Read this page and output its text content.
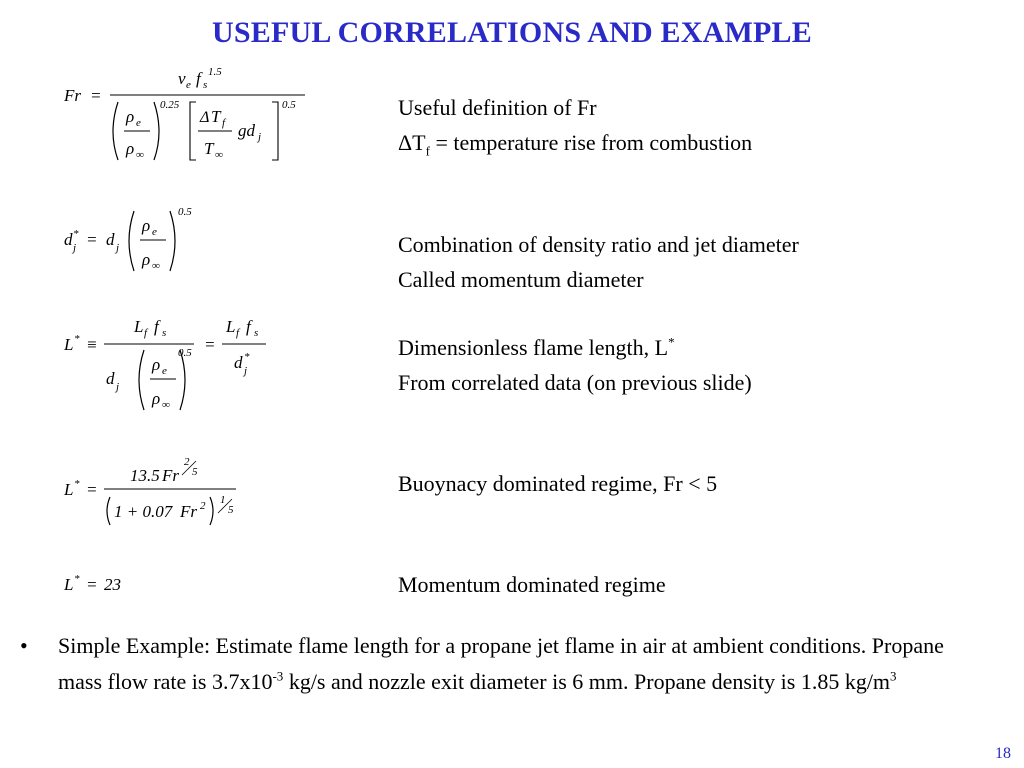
USEFUL CORRELATIONS AND EXAMPLE
Fr =
v e f s
1.5
ρ e
ρ ∞
0.25
Δ T f
T ∞
gd j
0.5
d *
j = d j
ρ e
ρ ∞
0.5
L * ≡
L f f s
d j
ρ e
ρ ∞
0.5 =
L f f s
d *
j
L * =
13.5 Fr
2
5
1 + 0.07 Fr 2 1
5
L * = 23
Useful definition of Fr
$\Delta T_f$ = temperature rise from combustion
Combination of density ratio and jet diameter
Called momentum diameter
Dimensionless flame length, L*
From correlated data (on previous slide)
Buoynacy dominated regime, Fr < 5
Momentum dominated regime
• Simple Example: Estimate flame length for a propane jet flame in air at ambient conditions. Propane mass flow rate is $3.7x10^{-3}$ kg/s and nozzle exit diameter is 6 mm. Propane density is 1.85 $kg/m^3$
18
